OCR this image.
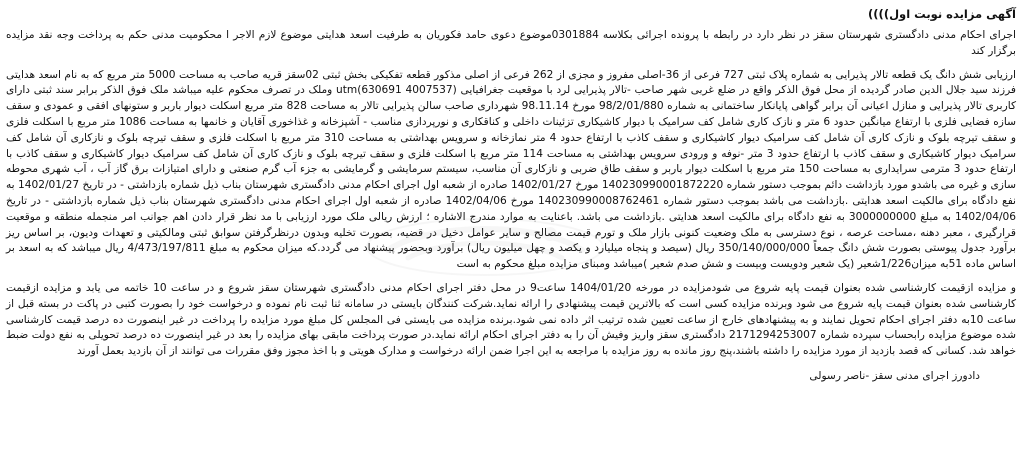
آگهی مزایده نوبت اول))))

اجرای احکام مدنی دادگستری شهرستان سقز در نظر دارد در رابطه با پرونده اجرائی بکلاسه 0301884موضوع دعوی حامد فکوریان به طرفیت اسعد هدایتی موضوع لازم الاجر ا محکومیت مدنی حکم به پرداخت وجه نقد مزایده برگزار کند

ارزیابی شش دانگ یک قطعه تالار پذیرایی به شماره پلاک ثبتی 727 فرعی از 36-اصلی مفروز و مجزی از 262 فرعی از اصلی مذکور قطعه تفکیکی بخش ثبتی 02سقز قریه صاحب به مساحت 5000 متر مربع که به نام اسعد هدایتی فرزند سید جلال الدین صادر گردیده از محل فوق الذکر واقع در ضلع غربی شهر صاحب -تالار پذیرایی لرد با موقعیت جغرافیایی utm(630691 4007537) وملک در تصرف محکوم علیه میباشد ملک فوق الذکر برابر سند ثبتی دارای کاربری تالار پذیرایی و منازل اعیانی آن برابر گواهی پایانکار ساختمانی به شماره 98/2/01/880 مورخ 98.11.14 شهرداری صاحب سالن پذیرایی تالار به مساحت 828 متر مربع اسکلت دیوار باربر و ستونهای افقی و عمودی و سقف سازه فضایی فلزی با ارتفاع میانگین حدود 6 متر و نازک کاری شامل کف سرامیک با دیوار کاشیکاری تزئینات داخلی و کناقکاری و نورپردازی مناسب - آشپزخانه و غذاخوری آقایان و خانمها به مساحت 1086 متر مربع با اسکلت فلزی و سقف تیرچه بلوک و نازک کاری آن شامل کف سرامیک دیوار کاشیکاری و سقف کاذب با ارتفاع حدود 4 متر نمازخانه و سرویس بهداشتی به مساحت 310 متر مربع با اسکلت فلزی و سقف تیرچه بلوک و نازکاری آن شامل کف سرامیک دیوار کاشیکاری و سقف کاذب با ارتفاع حدود 3 متر -نوفه و ورودی سرویس بهداشتی به مساحت 114 متر مربع با اسکلت فلزی و سقف تیرچه بلوک و نازک کاری آن شامل کف سرامیک دیوار کاشیکاری و سقف کاذب با ارتفاع حدود 3 مترمی سرایداری به مساحت 150 متر مربع با اسکلت دیوار باربر و سقف طاق ضربی و نازکاری آن مناسب، سیستم سرمایشی و گرمایشی به جزء آب گرم صنعتی و دارای امتیازات برق گاز آب ، آب شهری محوطه سازی و غیره می باشدو مورد بازداشت دائم بموجب دستور شماره 140230990001872220 مورخ 1402/01/27 صادره از شعبه اول اجرای احکام مدنی دادگستری شهرستان بناب ذیل شماره بازداشتی - در تاریخ 1402/01/27 به نفع دادگاه برای مالکیت اسعد هدایتی .بازداشت می باشد بموجب دستور شماره 140230990008762461 مورخ 1402/04/06 صادره از شعبه اول اجرای احکام مدنی دادگستری شهرستان بناب ذیل شماره بازداشتی - در تاریخ 1402/04/06 به مبلغ 3000000000 به نفع دادگاه برای مالکیت اسعد هدایتی .بازداشت می باشد. باعنایت به موارد مندرج الاشاره ؛ ارزش ریالی ملک مورد ارزیابی با مد نظر قرار دادن اهم جوانب امر منجمله منطقه و موقعیت قرارگیری ، معبر دهنه ،مساحت عرصه ، نوع دسترسی به ملک وضعیت کنونی بازار ملک و تورم قیمت مصالح و سایر عوامل دخیل در قضیه، بصورت تخلیه وبدون درنظرگرفتن سوابق ثبتی ومالکیتی و تعهدات ودیون، بر اساس ریز برآورد جدول پیوستی بصورت شش دانگ جمعاً 350/140/000/000 ریال (سیصد و پنجاه میلیارد و یکصد و چهل میلیون ریال) برآورد وبحضور پیشنهاد می گردد.که میزان محکوم به مبلغ 4/473/197/811 ریال میباشد که به اسعد بر اساس ماده 51به میزان1/226شعیر (یک شعیر ودویست وبیست و شش صدم شعیر )میباشد ومبنای مزایده مبلغ محکوم به است

و مزایده ازقیمت کارشناسی شده بعنوان قیمت پایه شروع می شودمزایده در مورخه 1404/01/20 ساعت9 در محل دفتر اجرای احکام مدنی دادگستری شهرستان سقز شروع و در ساعت 10 خاتمه می یابد و مزایده ازقیمت کارشناسی شده بعنوان قیمت پایه شروع می شود وبرنده مزایده کسی است که بالاترین قیمت پیشنهادی را ارائه نماید.شرکت کنندگان بایستی در سامانه ثنا ثبت نام نموده و درخواست خود را بصورت کتبی در پاکت در بسته قبل از ساعت 10به دفتر اجرای احکام تحویل نمایند و به پیشنهادهای خارج از ساعت تعیین شده ترتیب اثر داده نمی شود.برنده مزایده می بایستی فی المجلس کل مبلغ مورد مزایده را پرداخت در غیر اینصورت ده درصد قیمت کارشناسی شده موضوع مزایده رابحساب سپرده شماره 2171294253007 دادگستری سقز واریز وفیش آن را به دفتر اجرای احکام ارائه نماید.در صورت پرداخت مابقی بهای مزایده را بعد در غیر اینصورت ده درصد تحویلی به نفع دولت ضبط خواهد شد. کسانی که قصد بازدید از مورد مزایده را داشته باشند،پنج روز مانده به روز مزایده با مراجعه به این اجرا ضمن ارائه درخواست و مدارک هویتی و با اخذ مجوز وفق مقررات می توانند از آن بازدید بعمل آورند

دادورز اجرای مدنی سقز -ناصر رسولی
